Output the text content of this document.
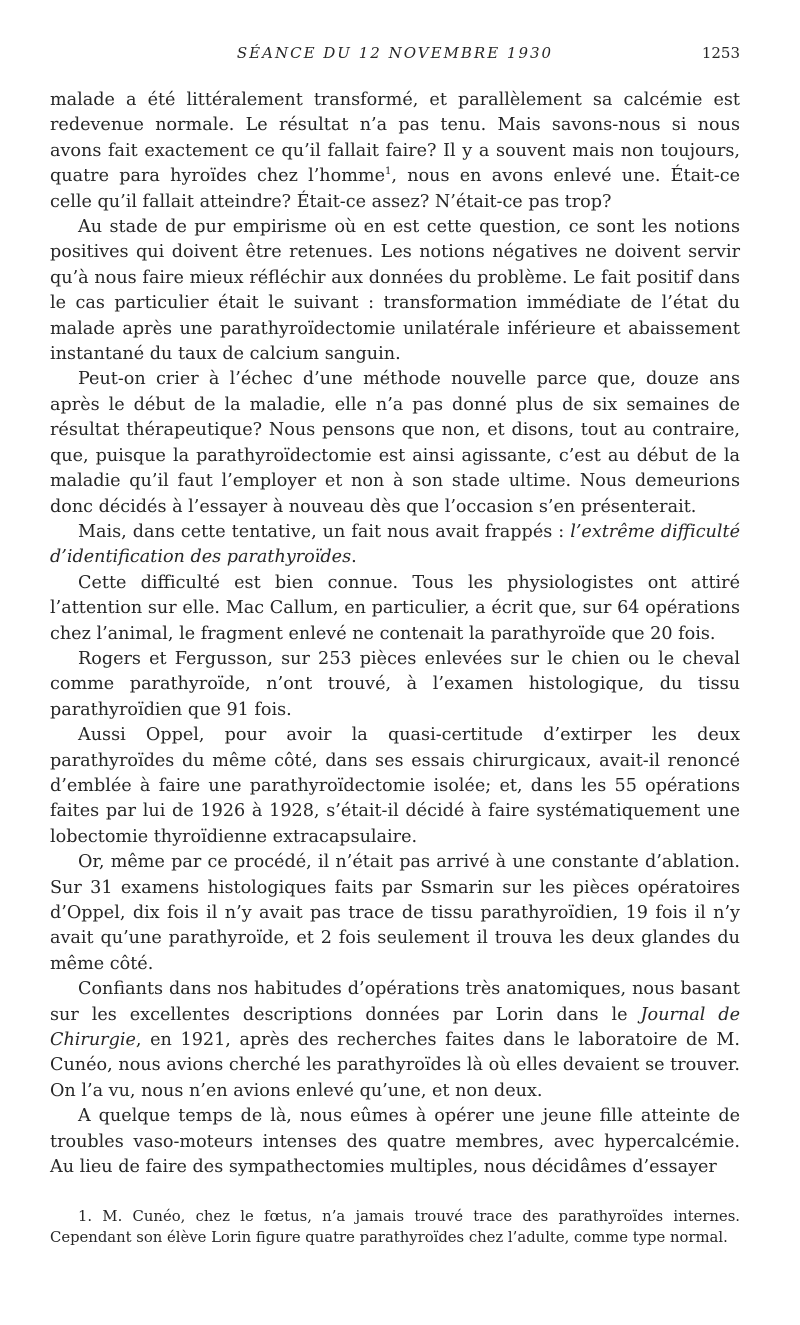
SÉANCE DU 12 NOVEMBRE 1930	1253

malade a été littéralement transformé, et parallèlement sa calcémie est redevenue normale. Le résultat n’a pas tenu. Mais savons-nous si nous avons fait exactement ce qu’il fallait faire? Il y a souvent mais non toujours, quatre para hyroïdes chez l’homme$^1$, nous en avons enlevé une. Était-ce celle qu’il fallait atteindre? Était-ce assez? N’était-ce pas trop?

Au stade de pur empirisme où en est cette question, ce sont les notions positives qui doivent être retenues. Les notions négatives ne doivent servir qu’à nous faire mieux réfléchir aux données du problème. Le fait positif dans le cas particulier était le suivant : transformation immédiate de l’état du malade après une parathyroïdectomie unilatérale inférieure et abaissement instantané du taux de calcium sanguin.

Peut-on crier à l’échec d’une méthode nouvelle parce que, douze ans après le début de la maladie, elle n’a pas donné plus de six semaines de résultat thérapeutique? Nous pensons que non, et disons, tout au contraire, que, puisque la parathyroïdectomie est ainsi agissante, c’est au début de la maladie qu’il faut l’employer et non à son stade ultime. Nous demeurions donc décidés à l’essayer à nouveau dès que l’occasion s’en présenterait.

Mais, dans cette tentative, un fait nous avait frappés : l’extrême difficulté d’identification des parathyroïdes.

Cette difficulté est bien connue. Tous les physiologistes ont attiré l’attention sur elle. Mac Callum, en particulier, a écrit que, sur 64 opérations chez l’animal, le fragment enlevé ne contenait la parathyroïde que 20 fois.

Rogers et Fergusson, sur 253 pièces enlevées sur le chien ou le cheval comme parathyroïde, n’ont trouvé, à l’examen histologique, du tissu parathyroïdien que 91 fois.

Aussi Oppel, pour avoir la quasi-certitude d’extirper les deux parathyroïdes du même côté, dans ses essais chirurgicaux, avait-il renoncé d’emblée à faire une parathyroïdectomie isolée; et, dans les 55 opérations faites par lui de 1926 à 1928, s’était-il décidé à faire systématiquement une lobectomie thyroïdienne extracapsulaire.

Or, même par ce procédé, il n’était pas arrivé à une constante d’ablation. Sur 31 examens histologiques faits par Ssmarin sur les pièces opératoires d’Oppel, dix fois il n’y avait pas trace de tissu parathyroïdien, 19 fois il n’y avait qu’une parathyroïde, et 2 fois seulement il trouva les deux glandes du même côté.

Confiants dans nos habitudes d’opérations très anatomiques, nous basant sur les excellentes descriptions données par Lorin dans le Journal de Chirurgie, en 1921, après des recherches faites dans le laboratoire de M. Cunéo, nous avions cherché les parathyroïdes là où elles devaient se trouver. On l’a vu, nous n’en avions enlevé qu’une, et non deux.

A quelque temps de là, nous eûmes à opérer une jeune fille atteinte de troubles vaso-moteurs intenses des quatre membres, avec hypercalcémie. Au lieu de faire des sympathectomies multiples, nous décidâmes d’essayer

1. M. Cunéo, chez le fœtus, n’a jamais trouvé trace des parathyroïdes internes. Cependant son élève Lorin figure quatre parathyroïdes chez l’adulte, comme type normal.
